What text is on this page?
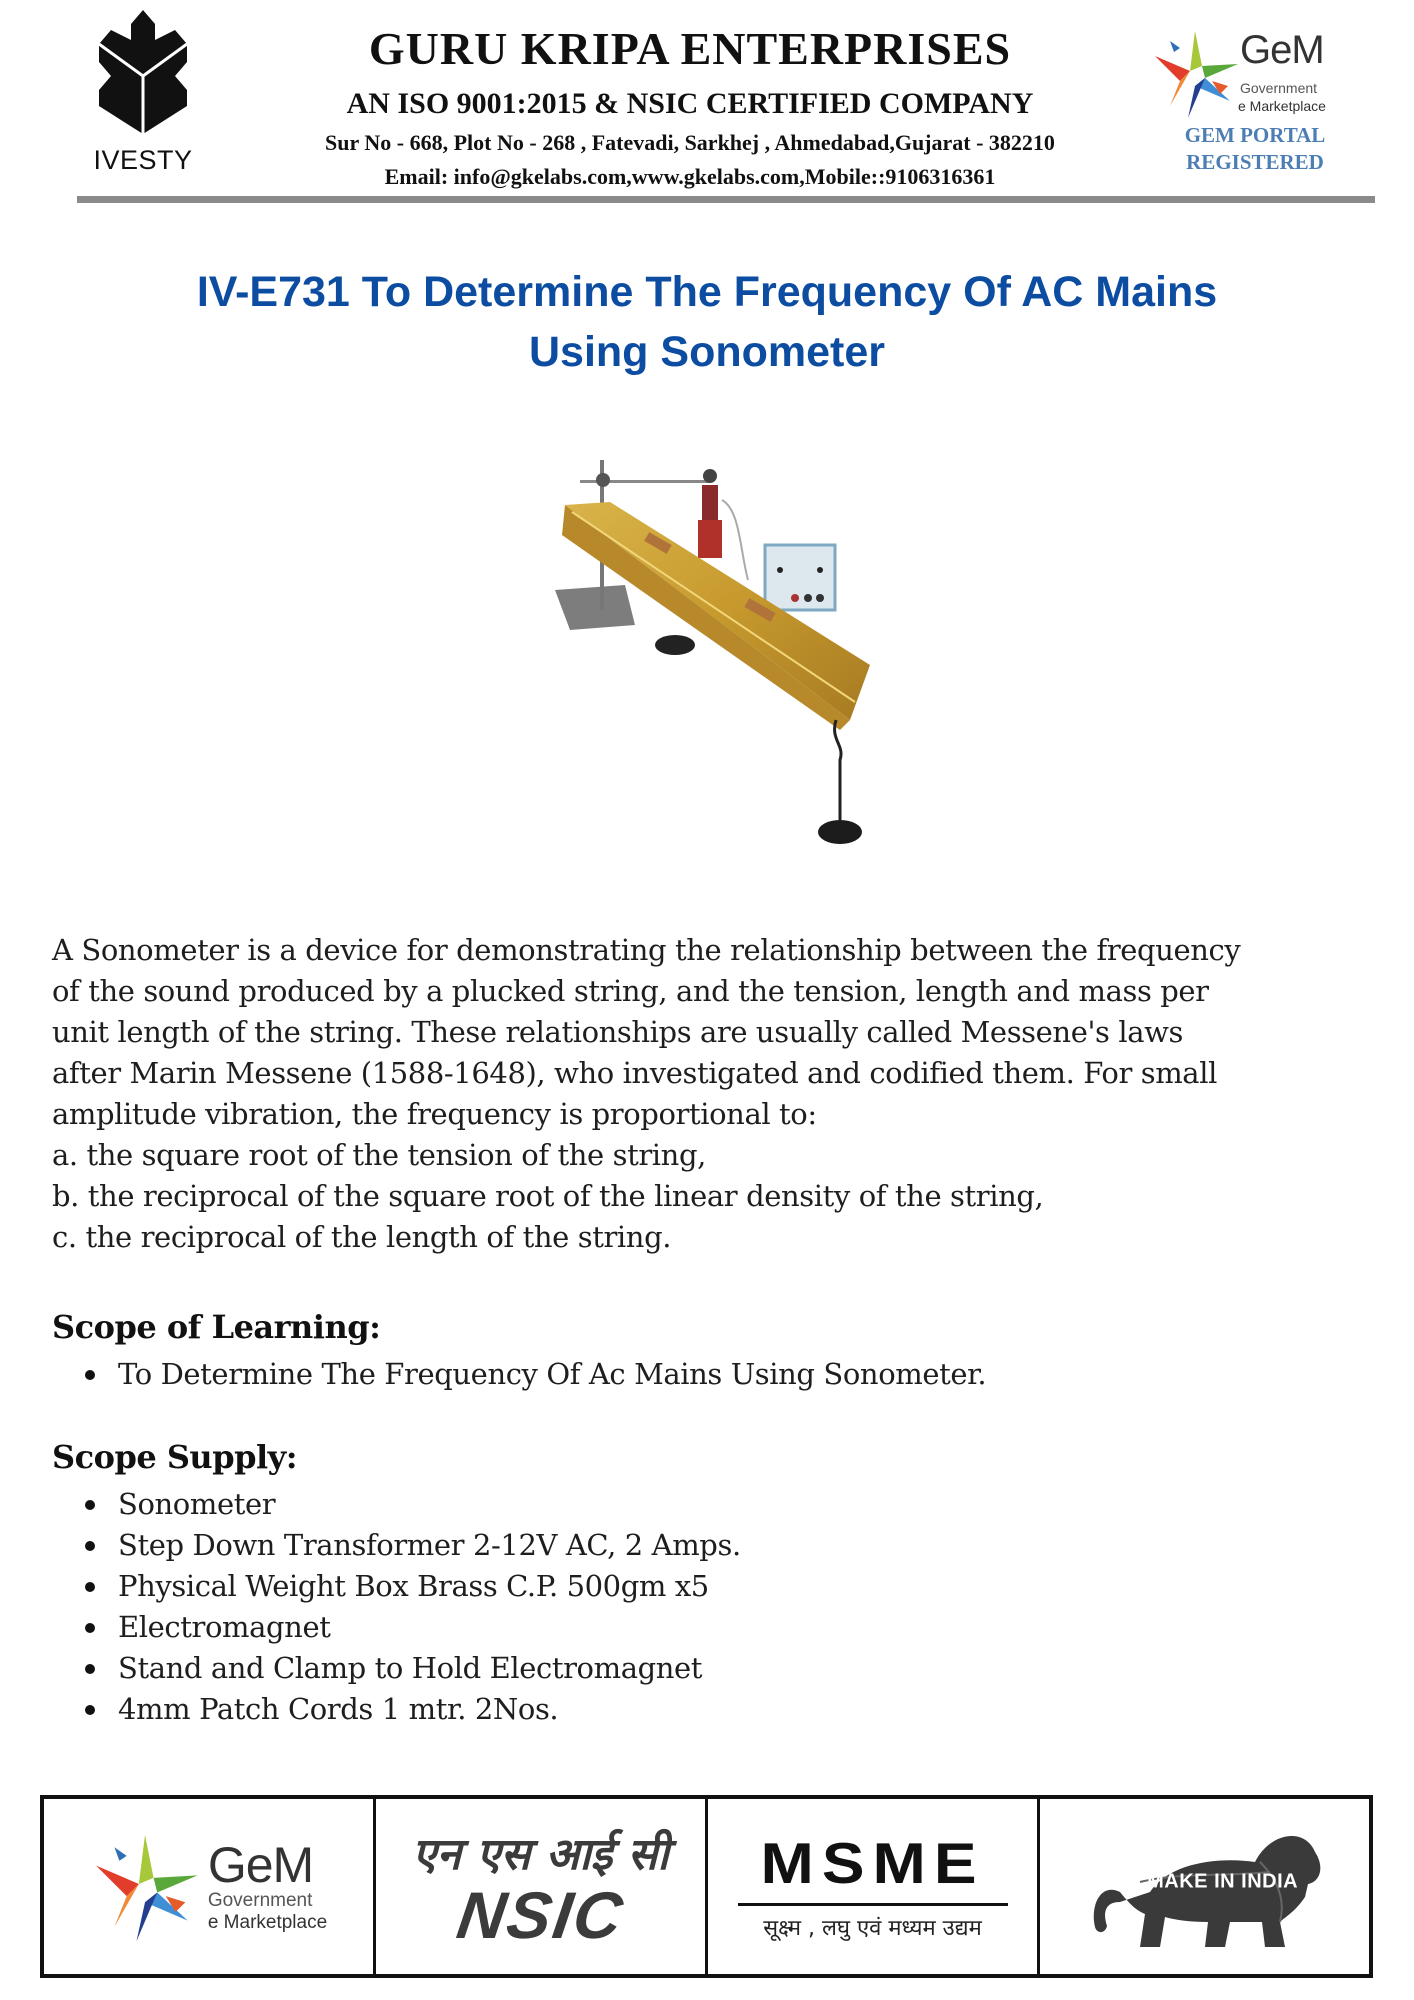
IVESTY
GURU KRIPA ENTERPRISES
AN ISO 9001:2015 & NSIC CERTIFIED COMPANY
Sur No - 668, Plot No - 268 , Fatevadi, Sarkhej , Ahmedabad,Gujarat - 382210
Email: info@gkelabs.com,www.gkelabs.com,Mobile::9106316361
GeM
Government
e Marketplace
GEM PORTAL
REGISTERED
IV-E731 To Determine The Frequency Of AC Mains
Using Sonometer

A Sonometer is a device for demonstrating the relationship between the frequency

of the sound produced by a plucked string, and the tension, length and mass per

unit length of the string. These relationships are usually called Messene's laws

after Marin Messene (1588-1648), who investigated and codified them. For small

amplitude vibration, the frequency is proportional to:

a. the square root of the tension of the string,

b. the reciprocal of the square root of the linear density of the string,

c. the reciprocal of the length of the string.

Scope of Learning:
To Determine The Frequency Of Ac Mains Using Sonometer.
Scope Supply:
Sonometer
Step Down Transformer 2-12V AC, 2 Amps.
Physical Weight Box Brass C.P. 500gm x5
Electromagnet
Stand and Clamp to Hold Electromagnet
4mm Patch Cords 1 mtr. 2Nos.
GeM
Government
e Marketplace
एन एस आई सी
NSIC
MSME
सूक्ष्म , लघु एवं मध्यम उद्यम
MAKE IN INDIA
